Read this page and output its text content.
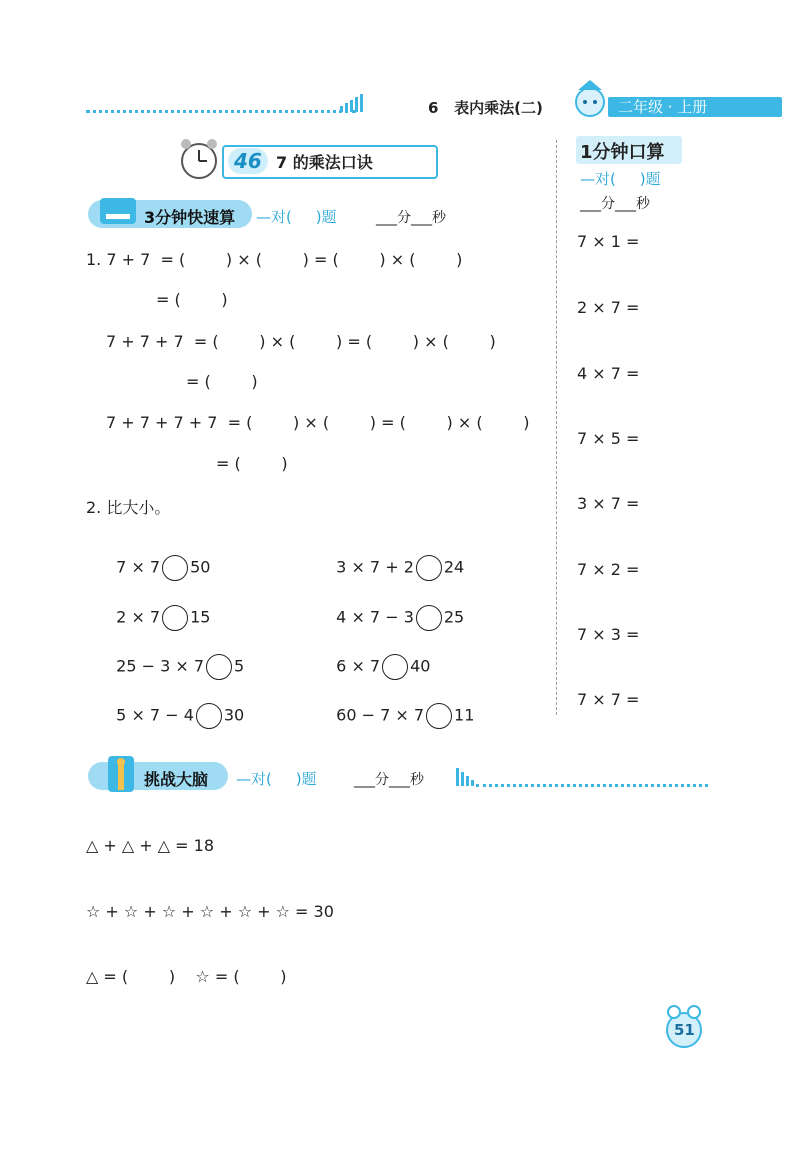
6   表内乘法(二)	二年级 · 上册
46 7 的乘法口诀
3分钟快速算 —对(     )题	___分___秒
1. 7 + 7  = (        ) × (        ) = (        ) × (        )
= (        )
7 + 7 + 7  = (        ) × (        ) = (        ) × (        )
= (        )
7 + 7 + 7 + 7  = (        ) × (        ) = (        ) × (        )
= (        )
2. 比大小。

7 × 7 50

2 × 7 15

25 − 3 × 7 5

5 × 7 − 4 30

3 × 7 + 2 24

4 × 7 − 3 25

6 × 7 40

60 − 7 × 7 11

1分钟口算
—对(     )题
___分___秒
7 × 1 =
2 × 7 =
4 × 7 =
7 × 5 =
3 × 7 =
7 × 2 =
7 × 3 =
7 × 7 =
挑战大脑 —对(     )题	___分___秒
△ + △ + △ = 18
☆ + ☆ + ☆ + ☆ + ☆ + ☆ = 30
△ = (        )    ☆ = (        )
51
